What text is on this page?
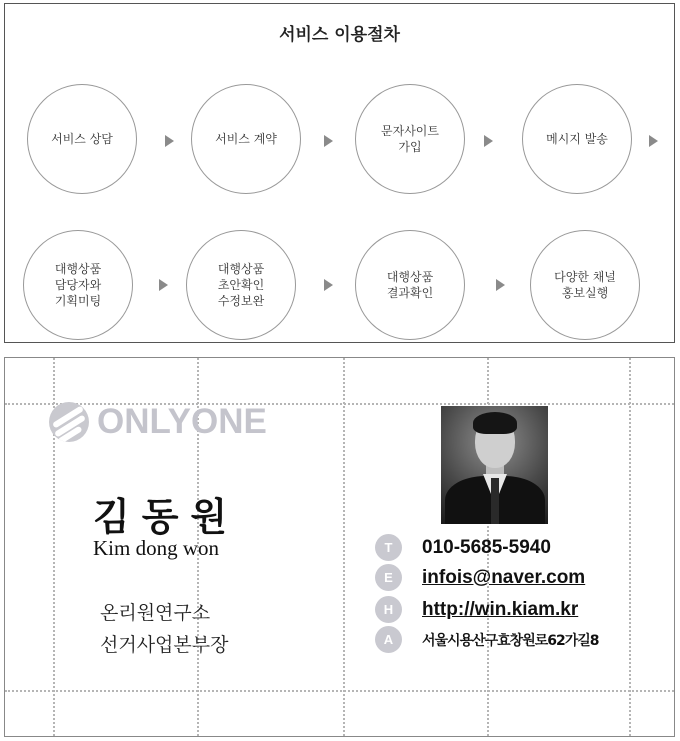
서비스 이용절차
서비스 상담	서비스 계약
문자사이트
가입
메시지 발송
대행상품
담당자와
기획미팅
대행상품
초안확인
수정보완
대행상품
결과확인
다양한 채널
홍보실행
ONLYONE
김동원
Kim dong won
온리원연구소
선거사업본부장
T	010-5685-5940
E	infois@naver.com
H	http://win.kiam.kr
A	서울시용산구효창원로62가길8
